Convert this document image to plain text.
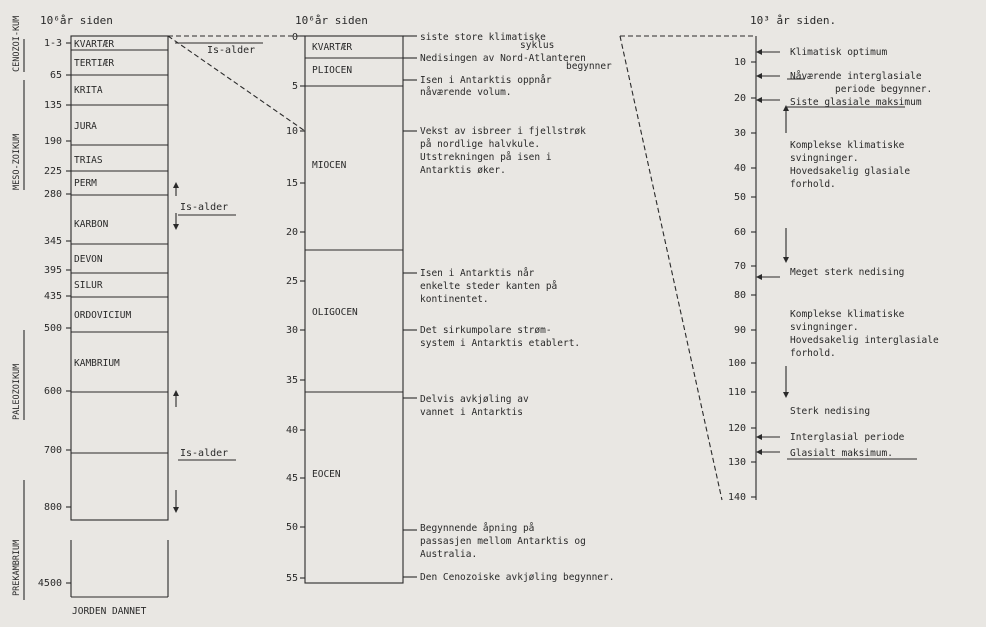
10⁶år siden
1-3
65
135
190
225
280
345
395
435
500
600
700
800
4500
KVARTÆR
TERTIÆR
KRITA
JURA
TRIAS
PERM
KARBON
DEVON
SILUR
ORDOVICIUM
KAMBRIUM
CENOZOI-KUM
MESO-ZOIKUM
PALEOZOIKUM
PREKAMBRIUM
Is-alder
Is-alder
Is-alder
JORDEN DANNET
10⁶år siden
0
5
10
15
20
25
30
35
40
45
50
55
KVARTÆR
PLIOCEN
MIOCEN
OLIGOCEN
EOCEN
siste store klimatiske
syklus
Nedisingen av Nord-Atlanteren
begynner
Isen i Antarktis oppnår
nåværende volum.
Vekst av isbreer i fjellstrøk
på nordlige halvkule.
Utstrekningen på isen i
Antarktis øker.
Isen i Antarktis når
enkelte steder kanten på
kontinentet.
Det sirkumpolare strøm-
system i Antarktis etablert.
Delvis avkjøling av
vannet i Antarktis
Begynnende åpning på
passasjen mellom Antarktis og
Australia.
Den Cenozoiske avkjøling begynner.
10³ år siden.
10
20
30
40
50
60
70
80
90
100
110
120
130
140
Klimatisk optimum
Nåværende interglasiale
periode begynner.
Siste glasiale maksimum
Komplekse klimatiske
svingninger.
Hovedsakelig glasiale
forhold.
Meget sterk nedising
Komplekse klimatiske
svingninger.
Hovedsakelig interglasiale
forhold.
Sterk nedising
Interglasial periode
Glasialt maksimum.
